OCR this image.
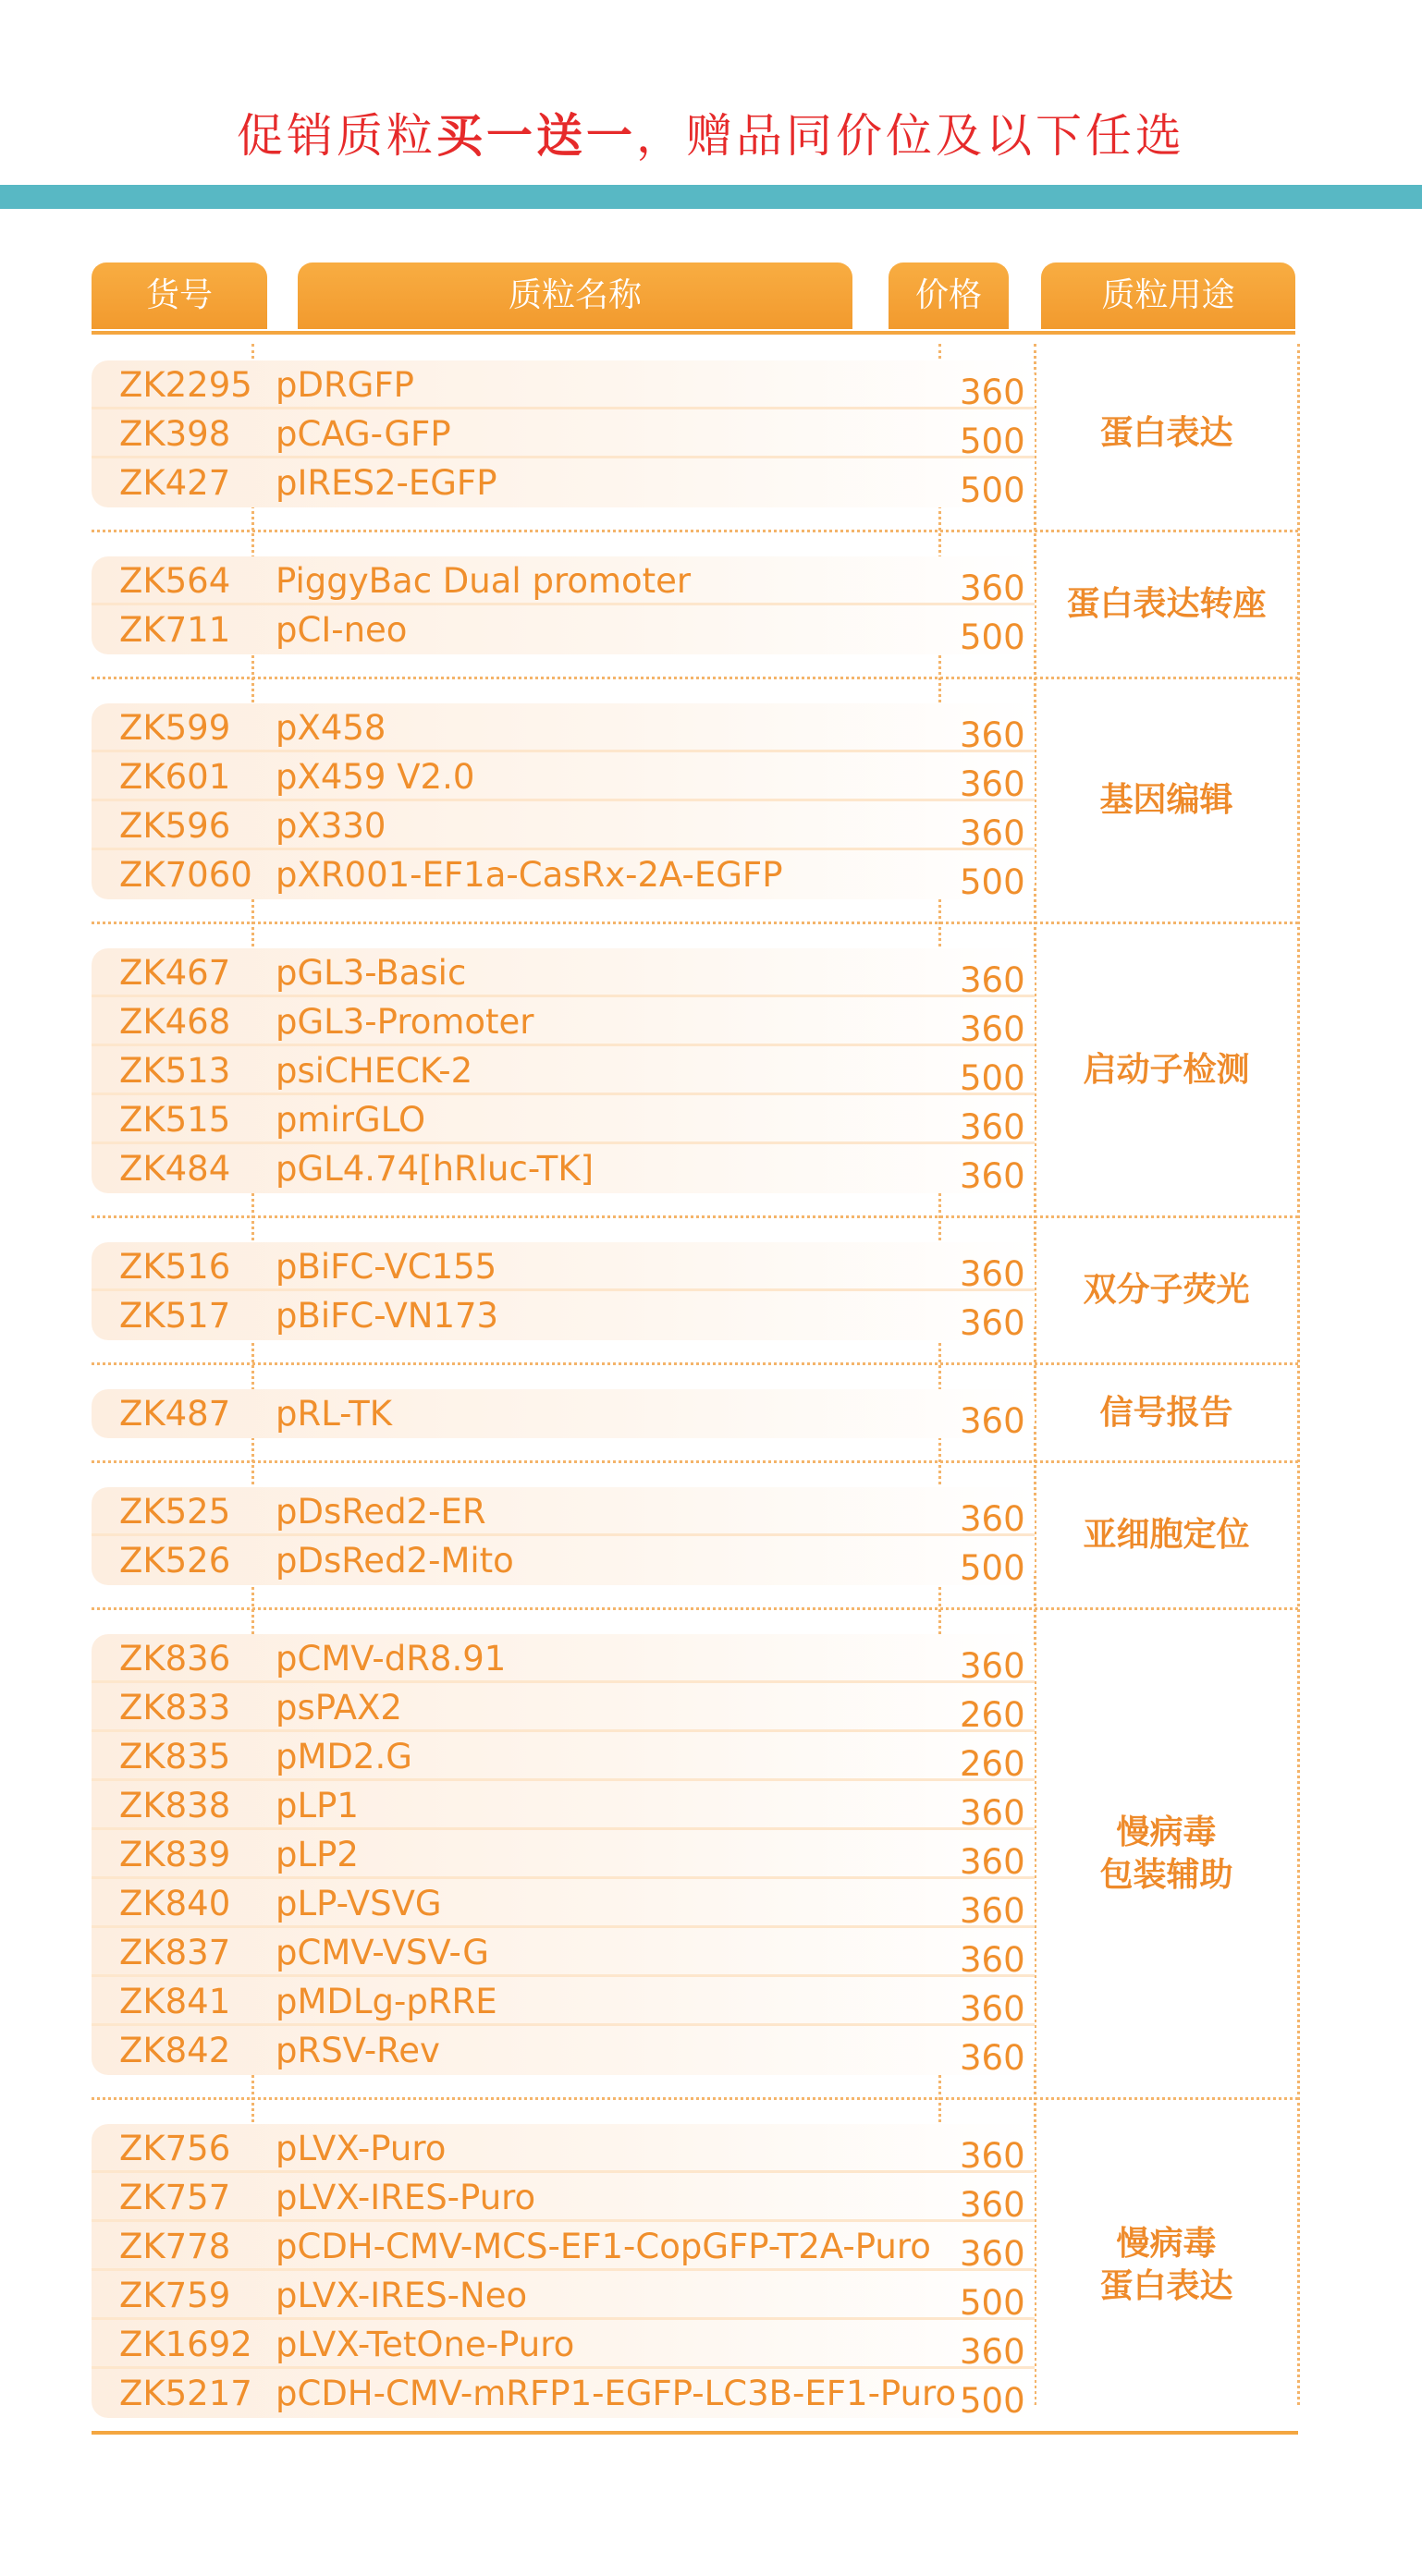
促销质粒买一送一，赠品同价位及以下任选
货号	质粒名称	价格	质粒用途
ZK2295 pDRGFP	360
ZK398 pCAG-GFP	500
ZK427 pIRES2-EGFP	500
蛋白表达
ZK564 PiggyBac Dual promoter	360
ZK711 pCI-neo	500
蛋白表达转座
ZK599 pX458	360
ZK601 pX459 V2.0	360
ZK596 pX330	360
ZK7060 pXR001-EF1a-CasRx-2A-EGFP	500
基因编辑
ZK467 pGL3-Basic	360
ZK468 pGL3-Promoter	360
ZK513 psiCHECK-2	500
ZK515 pmirGLO	360
ZK484 pGL4.74[hRluc-TK]	360
启动子检测
ZK516 pBiFC-VC155	360
ZK517 pBiFC-VN173	360
双分子荧光
ZK487 pRL-TK	360 信号报告
ZK525 pDsRed2-ER	360
ZK526 pDsRed2-Mito	500
亚细胞定位
ZK836 pCMV-dR8.91	360
ZK833 psPAX2	260
ZK835 pMD2.G	260
ZK838 pLP1	360
ZK839 pLP2	360
ZK840 pLP-VSVG	360
ZK837 pCMV-VSV-G	360
ZK841 pMDLg-pRRE	360
ZK842 pRSV-Rev	360
慢病毒
包装辅助
ZK756 pLVX-Puro	360
ZK757 pLVX-IRES-Puro	360
ZK778 pCDH-CMV-MCS-EF1-CopGFP-T2A-Puro 360
ZK759 pLVX-IRES-Neo	500
ZK1692 pLVX-TetOne-Puro	360
ZK5217 pCDH-CMV-mRFP1-EGFP-LC3B-EF1-Puro 500
慢病毒
蛋白表达
